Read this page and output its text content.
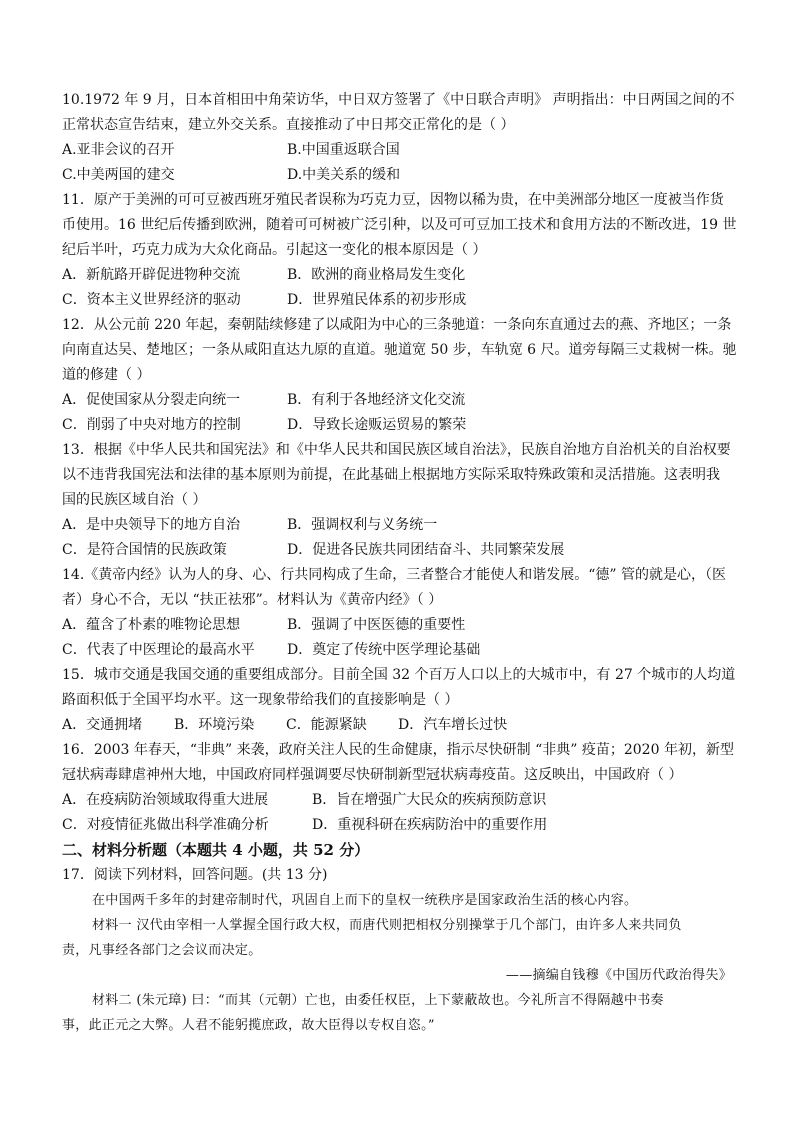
10.1972 年 9 月，日本首相田中角荣访华，中日双方签署了《中日联合声明》 声明指出：中日两国之间的不
正常状态宣告结束，建立外交关系。直接推动了中日邦交正常化的是（ ）
A.亚非会议的召开	B.中国重返联合国
C.中美两国的建交	D.中美关系的缓和
11．原产于美洲的可可豆被西班牙殖民者误称为巧克力豆，因物以稀为贵，在中美洲部分地区一度被当作货
币使用。16 世纪后传播到欧洲，随着可可树被广泛引种，以及可可豆加工技术和食用方法的不断改进，19 世
纪后半叶，巧克力成为大众化商品。引起这一变化的根本原因是（ ）
A．新航路开辟促进物种交流	B．欧洲的商业格局发生变化
C．资本主义世界经济的驱动	D．世界殖民体系的初步形成
12．从公元前 220 年起，秦朝陆续修建了以咸阳为中心的三条驰道：一条向东直通过去的燕、齐地区；一条
向南直达吴、楚地区；一条从咸阳直达九原的直道。驰道宽 50 步，车轨宽 6 尺。道旁每隔三丈栽树一株。驰
道的修建（ ）
A．促使国家从分裂走向统一	B．有利于各地经济文化交流
C．削弱了中央对地方的控制	D．导致长途贩运贸易的繁荣
13．根据《中华人民共和国宪法》和《中华人民共和国民族区域自治法》，民族自治地方自治机关的自治权要
以不违背我国宪法和法律的基本原则为前提，在此基础上根据地方实际采取特殊政策和灵活措施。这表明我
国的民族区域自治（ ）
A．是中央领导下的地方自治	B．强调权利与义务统一
C．是符合国情的民族政策	D．促进各民族共同团结奋斗、共同繁荣发展
14.《黄帝内经》认为人的身、心、行共同构成了生命，三者整合才能使人和谐发展。“德” 管的就是心，（医
者）身心不合，无以 “扶正祛邪”。材料认为《黄帝内经》（ ）
A．蕴含了朴素的唯物论思想	B．强调了中医医德的重要性
C．代表了中医理论的最高水平	D．奠定了传统中医学理论基础
15．城市交通是我国交通的重要组成部分。目前全国 32 个百万人口以上的大城市中，有 27 个城市的人均道
路面积低于全国平均水平。这一现象带给我们的直接影响是（ ）
A．交通拥堵	B．环境污染	C．能源紧缺	D．汽车增长过快
16．2003 年春天，“非典” 来袭，政府关注人民的生命健康，指示尽快研制 “非典” 疫苗；2020 年初，新型
冠状病毒肆虐神州大地，中国政府同样强调要尽快研制新型冠状病毒疫苗。这反映出，中国政府（ ）
A．在疫病防治领域取得重大进展	B．旨在增强广大民众的疾病预防意识
C．对疫情征兆做出科学准确分析	D．重视科研在疾病防治中的重要作用
二、材料分析题（本题共 4 小题，共 52 分）
17．阅读下列材料，回答问题。(共 13 分)
在中国两千多年的封建帝制时代，巩固自上而下的皇权一统秩序是国家政治生活的核心内容。
材料一 汉代由宰相一人掌握全国行政大权，而唐代则把相权分别操掌于几个部门，由许多人来共同负
责，凡事经各部门之会议而决定。
——摘编自钱穆《中国历代政治得失》
材料二 (朱元璋) 曰：“而其（元朝）亡也，由委任权臣，上下蒙蔽故也。今礼所言不得隔越中书奏
事，此正元之大弊。人君不能躬揽庶政，故大臣得以专权自恣。”
